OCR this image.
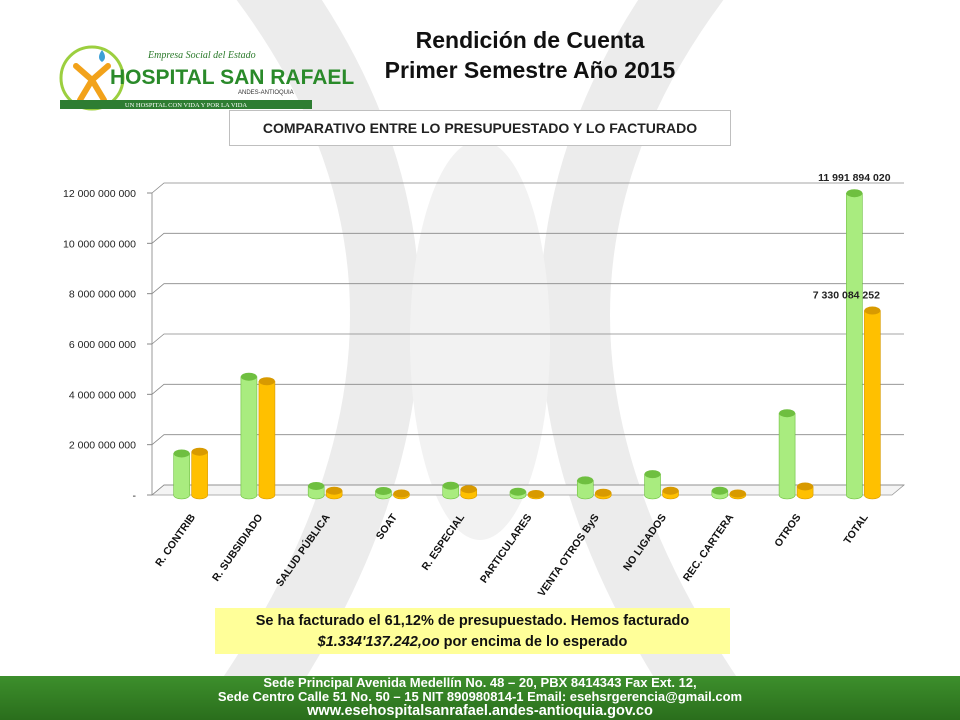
Empresa Social del Estado
HOSPITAL SAN RAFAEL
ANDES-ANTIOQUIA
UN HOSPITAL CON VIDA Y POR LA VIDA
Rendición de Cuenta
Primer Semestre Año 2015
COMPARATIVO ENTRE LO PRESUPUESTADO Y LO FACTURADO
-
2 000 000 000
4 000 000 000
6 000 000 000
8 000 000 000
10 000 000 000
12 000 000 000
R. CONTRIB R. SUBSIDIADO SALUD PÚBLICA	SOAT R. ESPECIAL PARTICULARES VENTA OTROS ByS NO LIGADOS REC. CARTERA	OTROS	TOTAL
11 991 894 020
7 330 084 252
Se ha facturado el 61,12% de presupuestado. Hemos facturado
$1.334'137.242,oo por encima de lo esperado
Sede Principal Avenida Medellín No. 48 – 20, PBX 8414343 Fax Ext. 12,
Sede Centro Calle 51 No. 50 – 15 NIT 890980814-1 Email: esehsrgerencia@gmail.com
www.esehospitalsanrafael.andes-antioquia.gov.co
